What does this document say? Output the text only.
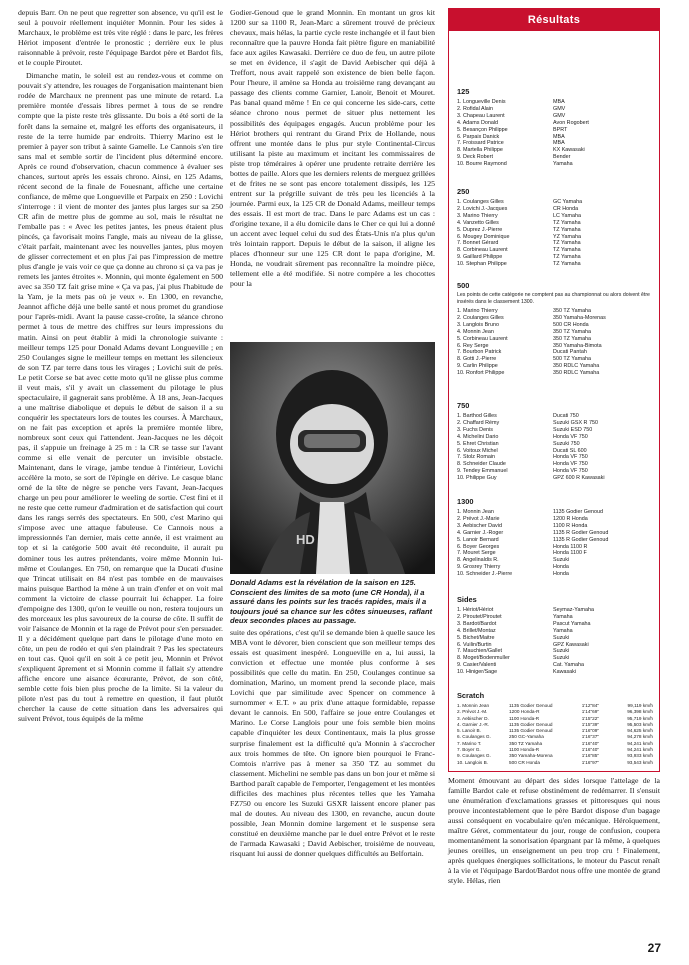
depuis Barr. On ne peut que regretter son absence, vu qu'il est le seul à pouvoir réellement inquiéter Monnin. Pour les sides à Marchaux, le problème est très vite réglé : dans le parc, les frères Hériot imposent d'entrée le pronostic ; derrière eux le plus raisonnable à prévoir, reste l'équipage Bardot père et Bardot fils, et le couple Piroutet.

Dimanche matin, le soleil est au rendez-vous et comme on pouvait s'y attendre, les rouages de l'organisation maintenant bien rodée de Marchaux ne prennent pas une minute de retard. La première montée d'essais libres permet à tous de se rendre compte que la piste reste très glissante. Du bois a été sorti de la forêt dans la semaine et, malgré les efforts des organisateurs, il reste de la terre humide par endroits. Thierry Marino est le premier à payer son tribut à sainte Gamelle. Le Cannois s'en tire sans mal et semble sortir de l'incident plus déterminé encore. Après ce round d'observation, chacun commence à évaluer ses chances, surtout après les essais chrono. Ainsi, en 125 Adams, récent second de la finale de Fouesnant, affiche une certaine confiance, de même que Longueville et Parpaix en 250 : Lovichi s'interroge : il vient de monter des jantes plus larges sur sa 250 CR afin de mettre plus de gomme au sol, mais le résultat ne l'emballe pas : « Avec les petites jantes, les pneus étaient plus pincés, ça favorisait moins l'angle, mais au niveau de la glisse, c'était parfait, maintenant avec les nouvelles jantes, plus moyen de glisser correctement et en plus j'ai pas l'impression de mettre plus d'angle je vais voir ce que ça donne au chrono si ça va pas je remets les jantes étroites ». Monnin, qui monte également en 500 avec sa 350 TZ fait grise mine « Ça va pas, j'ai plus l'habitude de la Yam, je la mets pas où je veux ». En 1300, en revanche, Jeannot affiche déjà une belle santé et nous promet du grandiose pour l'après-midi. Avant la pause casse-croûte, la séance chrono permet à tous de mettre des chiffres sur leurs impressions du matin. Ainsi on peut établir à midi la chronologie suivante : meilleur temps 125 pour Donald Adams devant Longueville ; en 250 Coulanges signe le meilleur temps en mettant les silencieux de son TZ par terre dans tous les virages ; Lovichi suit de près. Le petit Corse se bat avec cette moto qu'il ne glisse plus comme il veut mais, s'il y avait un classement du pilotage le plus spectaculaire, il gagnerait sans problème. À 18 ans, Jean-Jacques a une maîtrise diabolique et depuis le début de saison il a su conquérir les spectateurs lors de toutes les courses. À Marchaux, on ne fait pas exception et après la première montée libre, nombreux sont ceux qui l'attendent. Jean-Jacques ne les déçoit pas, il s'appuie un freinage à 25 m : la CR se tasse sur l'avant comme si elle venait de percuter un invisible obstacle. Maintenant, dans le virage, jambe tendue à l'intérieur, Lovichi accélère la moto, se sort de l'épingle en dérive. Le casque blanc orné de la tête de nègre se penche vers l'avant, Jean-Jacques charge un peu pour améliorer le weeling de sortie. C'est fini et il ne reste que cette rumeur d'admiration et de satisfaction qui court dans les rangs serrés des spectateurs. En 500, c'est Marino qui s'impose avec une attaque fabuleuse. Ce Cannois nous a impressionnés l'an dernier, mais cette année, il est vraiment au top et si la catégorie 500 avait été reconduite, il aurait pu dominer tous les autres prétendants, voire même Monnin lui-même et Coulanges. En 750, on remarque que la Ducati d'usine que Trincat utilisait en 84 n'est pas tombée en de mauvaises mains puisque Barthod la mène à un train d'enfer et on voit mal comment la victoire de classe pourrait lui échapper. La foire d'empoigne des 1300, qu'on le veuille ou non, restera toujours un des morceaux les plus savoureux de la course de côte. Il suffit de voir l'aisance de Monnin et la rage de Prévot pour s'en persuader. Il y a décidément quelque part dans le pilotage d'une moto en côte, un peu de rodéo et qui s'en plaindrait ? Pas les spectateurs en tout cas. Quoi qu'il en soit à ce petit jeu, Monnin et Prévot s'expliquent âprement et si Monnin comme il fallait s'y attendre affiche encore une aisance écœurante, Prévot, de son côté, semble cette fois bien plus proche de la limite. Si la valeur du pilote n'est pas du tout à remettre en question, il faut plutôt chercher la cause de cette situation dans les adversaires qui suivent Prévot, tous équipés de la même

Godier-Genoud que le grand Monnin. En montant un gros kit 1200 sur sa 1100 R, Jean-Marc a sûrement trouvé de précieux chevaux, mais hélas, la partie cycle reste inchangée et il faut bien reconnaître que la pauvre Honda fait piètre figure en maniabilité face aux agiles Kawasaki. Derrière ce duo de feu, un autre pilote se met en évidence, il s'agit de David Aebischer qui déjà à Treffort, nous avait rappelé son existence de bien belle façon. Pour l'heure, il amène sa Honda au troisième rang devançant au passage des clients comme Garnier, Lanoir, Benoit et Mouret. Pas banal quand même ! En ce qui concerne les side-cars, cette séance chrono nous permet de situer plus nettement les possibilités des équipages engagés. Aucun problème pour les Hériot brothers qui rentrant du Grand Prix de Hollande, nous offrent une montée dans le plus pur style Continental-Circus utilisant la piste au maximum et incitant les commissaires de piste trop téméraires à opérer une prudente retraite derrière les bottes de paille. Alors que les derniers relents de merguez grillées et de frites ne se sont pas encore totalement dissipés, les 125 entrent sur la prégrille suivant de très peu les licenciés à la journée. Parmi eux, la 125 CR de Donald Adams, meilleur temps des essais. Il est mort de trac. Dans le parc Adams est un cas : d'origine texane, il a élu domicile dans le Cher ce qui lui a donné un accent avec lequel celui du sud des États-Unis n'a plus qu'un très lointain rapport. Depuis le début de la saison, il aligne les places d'honneur sur une 125 CR dont le papa d'origine, M. Honda, ne voudrait sûrement pas reconnaître la moindre pièce, tellement elle a été modifiée. Si notre compère a les chocottes pour la

HD
Donald Adams est la révélation de la saison en 125. Conscient des limites de sa moto (une CR Honda), il a assuré dans les points sur les tracés rapides, mais il a toujours joué sa chance sur les côtes sinueuses, raflant deux secondes places au passage.

suite des opérations, c'est qu'il se demande bien à quelle sauce les MBA vont le dévorer, bien conscient que son meilleur temps des essais est quasiment inespéré. Longueville en a, lui aussi, la conviction et effectue une montée plus conforme à ses possibilités que celle du matin. En 250, Coulanges continue sa domination, Marino, un moment prend la seconde place, mais Lovichi que par similitude avec Spencer on commence à surnommer « E.T. » au prix d'une attaque formidable, repasse devant le cannois. En 500, l'affaire se joue entre Coulanges et Marino. Le Corse Langlois pour une fois semble bien moins capable d'inquiéter les deux Continentaux, mais la plus grosse surprise finalement est la difficulté qu'a Monnin à s'accrocher aux trois hommes de tête. On ignore bien pourquoi le Franc-Comtois n'arrive pas à mener sa 350 TZ au sommet du classement. Michelini ne semble pas dans un bon jour et même si Barthod paraît capable de l'emporter, l'engagement et les montées difficiles des machines plus récentes telles que les Yamaha FZ750 ou encore les Suzuki GSXR laissent encore planer pas mal de doutes. Au niveau des 1300, en revanche, aucun doute possible, Jean Monnin domine largement et le suspense sera constitué en deuxième manche par le duel entre Prévot et le reste de l'armada Kawasaki ; David Aebischer, troisième de nouveau, risquant lui aussi de donner quelques difficultés au Belfortain.

Résultats
125
1. Longueville Denis	MBA
2. Rofidal Alain	GMV
3. Chapeau Laurent	GMV
4. Adams Donald	Avon Rogobert
5. Besançon Philippe	BPRT
6. Parpaix Danick	MBA
7. Froissard Patrice	MBA
8. Martella Philippe	KX Kawasaki
9. Deck Robert	Bender
10. Bourre Raymond	Yamaha
250
1. Coulanges Gilles	GC Yamaha
2. Lovichi J.-Jacques	CR Honda
3. Marino Thierry	LC Yamaha
4. Vanzetto Gilles	TZ Yamaha
5. Duprez J.-Pierre	TZ Yamaha
6. Mougey Dominique	YZ Yamaha
7. Bonnet Gérard	TZ Yamaha
8. Corbineau Laurent	TZ Yamaha
9. Gaillard Philippe	TZ Yamaha
10. Stephan Philippe	TZ Yamaha
500
Les points de cette catégorie ne comptent pas au championnat ou alors doivent être insérés dans le classement 1300.
1. Marino Thierry	350 TZ Yamaha
2. Coulanges Gilles	350 Yamaha-Morenas
3. Langlois Bruno	500 CR Honda
4. Monnin Jean	350 TZ Yamaha
5. Corbineau Laurent	350 TZ Yamaha
6. Rey Serge	350 Yamaha-Bimota
7. Bourbon Patrick	Ducati Pantah
8. Gotti J.-Pierre	500 TZ Yamaha
9. Carlin Philippe	350 RDLC Yamaha
10. Ronfort Philippe	350 RDLC Yamaha
750
1. Barthod Gilles	Ducati 750
2. Chaffard Rémy	Suzuki GSX R 750
3. Fuchs Denis	Suzuki ESD 750
4. Michelini Dario	Honda VF 750
5. Ehret Christian	Suzuki 750
6. Voitoux Michel	Ducati SL 600
7. Stolz Romain	Honda VF 750
8. Schneider Claude	Honda VF 750
9. Tendey Emmanuel	Honda VF 750
10. Philippe Guy	GPZ 600 R Kawasaki
1300
1. Monnin Jean	1135 Godier Genoud
2. Prévot J.-Marie	1200 R Honda
3. Aebischer David	1100 R Honda
4. Garnier J.-Roger	1135 R Godier Genoud
5. Lanoir Bernard	1135 R Godier Genoud
6. Boyer Georges	Honda 1100 R
7. Mouret Serge	Honda 1100 F
8. Angelinaldis R.	Suzuki
9. Grosrey Thierry	Honda
10. Schneider J.-Pierre	Honda
Sides
1. Hériot/Hériot	Seymaz-Yamaha
2. Piroutet/Piroutet	Yamaha
3. Bardot/Bardot	Pascut Yamaha
4. Brillet/Montaz	Yamaha
5. Bichet/Maitre	Suzuki
6. Vuilin/Burtin	GPZ Kawasaki
7. Mauchien/Gallet	Suzuki
8. Moget/Bodenmuller	Suzuki
9. Casier/Valenti	Cat. Yamaha
10. Hiniger/Sage	Kawasaki
Scratch
1. Monnin Jean	1135 Godier Genoud	1'12"84"	99,119 km/h
2. Prévot J.-M.	1200 Honda-R	1'14"69"	96,398 km/h
3. Aebischer D.	1100 Honda-R	1'15"22"	95,719 km/h
4. Garnier J.-R.	1135 Godier Genoud	1'15"39"	95,503 km/h
5. Lanoir B.	1135 Godier Genoud	1'16"09"	94,625 km/h
6. Coulanges G.	250 GC-Yamaha	1'16"37"	94,278 km/h
7. Marino T.	350 TZ Yamaha	1'16"40"	94,241 km/h
7. Boyer G.	1100 Honda-R	1'16"40"	94,241 km/h
9. Coulanges G.	350 Yamaha-Morena	1'16"85"	93,933 km/h
10. Langlois B.	500 CR Honda	1'16"97"	93,543 km/h

Moment émouvant au départ des sides lorsque l'attelage de la famille Bardot cale et refuse obstinément de redémarrer. Il s'ensuit une énumération d'exclamations grasses et pittoresques qui nous prouve incontestablement que le père Bardot dispose d'un bagage aussi conséquent en vocabulaire qu'en mécanique. Héroïquement, maître Géret, commentateur du jour, rouge de confusion, coupera momentanément la sonorisation épargnant par là même, à quelques jeunes oreilles, un enseignement un peu trop cru ! Finalement, après quelques énergiques sollicitations, le moteur du Pascut renaît à la vie et l'équipage Bardot/Bardot nous offre une montée de grand style. Hélas, rien

27
